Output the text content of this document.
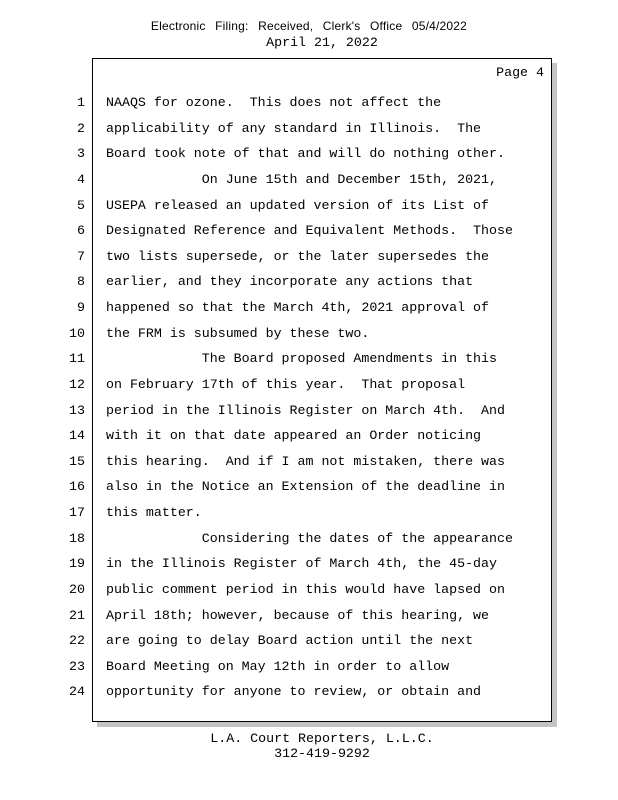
Electronic Filing: Received, Clerk's Office 05/4/2022
April 21, 2022
Page 4
1 NAAQS for ozone.  This does not affect the
2 applicability of any standard in Illinois.  The
3 Board took note of that and will do nothing other.
4 On June 15th and December 15th, 2021,
5 USEPA released an updated version of its List of
6 Designated Reference and Equivalent Methods.  Those
7 two lists supersede, or the later supersedes the
8 earlier, and they incorporate any actions that
9 happened so that the March 4th, 2021 approval of
10 the FRM is subsumed by these two.
11 The Board proposed Amendments in this
12 on February 17th of this year.  That proposal
13 period in the Illinois Register on March 4th.  And
14 with it on that date appeared an Order noticing
15 this hearing.  And if I am not mistaken, there was
16 also in the Notice an Extension of the deadline in
17 this matter.
18 Considering the dates of the appearance
19 in the Illinois Register of March 4th, the 45-day
20 public comment period in this would have lapsed on
21 April 18th; however, because of this hearing, we
22 are going to delay Board action until the next
23 Board Meeting on May 12th in order to allow
24 opportunity for anyone to review, or obtain and
L.A. Court Reporters, L.L.C.
312-419-9292
